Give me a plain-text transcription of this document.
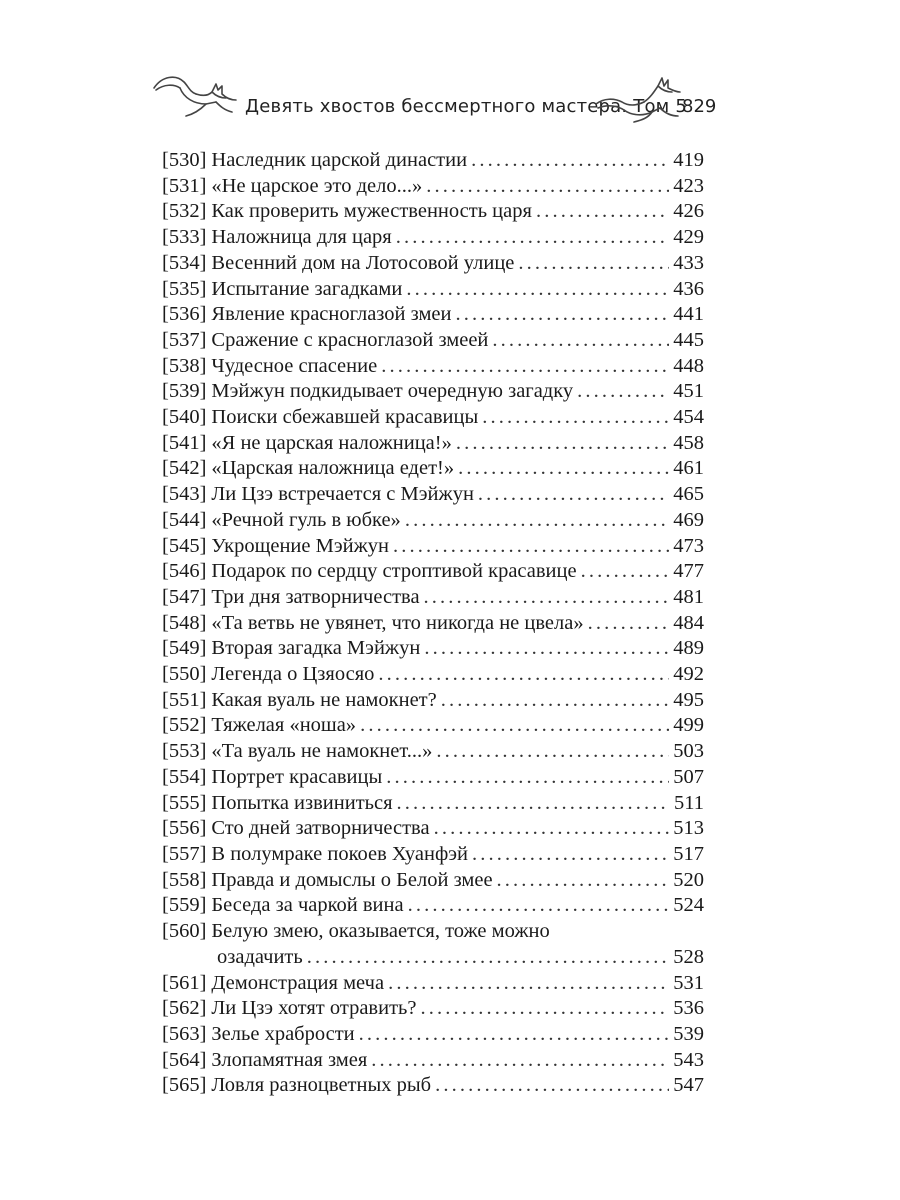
Девять хвостов бессмертного мастера. Том 5
829
[530] Наследник царской династии . . .	419
[531] «Не царское это дело...» . . .	423
[532] Как проверить мужественность царя . . .	426
[533] Наложница для царя . . .	429
[534] Весенний дом на Лотосовой улице . . .	433
[535] Испытание загадками . . .	436
[536] Явление красноглазой змеи . . .	441
[537] Сражение с красноглазой змеей . . .	445
[538] Чудесное спасение . . .	448
[539] Мэйжун подкидывает очередную загадку . . .	451
[540] Поиски сбежавшей красавицы . . .	454
[541] «Я не царская наложница!» . . .	458
[542] «Царская наложница едет!» . . .	461
[543] Ли Цзэ встречается с Мэйжун . . .	465
[544] «Речной гуль в юбке» . . .	469
[545] Укрощение Мэйжун . . .	473
[546] Подарок по сердцу строптивой красавице . . .	477
[547] Три дня затворничества . . .	481
[548] «Та ветвь не увянет, что никогда не цвела» . . .	484
[549] Вторая загадка Мэйжун . . .	489
[550] Легенда о Цзяосяо . . .	492
[551] Какая вуаль не намокнет? . . .	495
[552] Тяжелая «ноша» . . .	499
[553] «Та вуаль не намокнет...» . . .	503
[554] Портрет красавицы . . .	507
[555] Попытка извиниться . . .	511
[556] Сто дней затворничества . . .	513
[557] В полумраке покоев Хуанфэй . . .	517
[558] Правда и домыслы о Белой змее . . .	520
[559] Беседа за чаркой вина . . .	524
[560] Белую змею, оказывается, тоже можно
озадачить . . .	528
[561] Демонстрация меча . . .	531
[562] Ли Цзэ хотят отравить? . . .	536
[563] Зелье храбрости . . .	539
[564] Злопамятная змея . . .	543
[565] Ловля разноцветных рыб . . .	547
